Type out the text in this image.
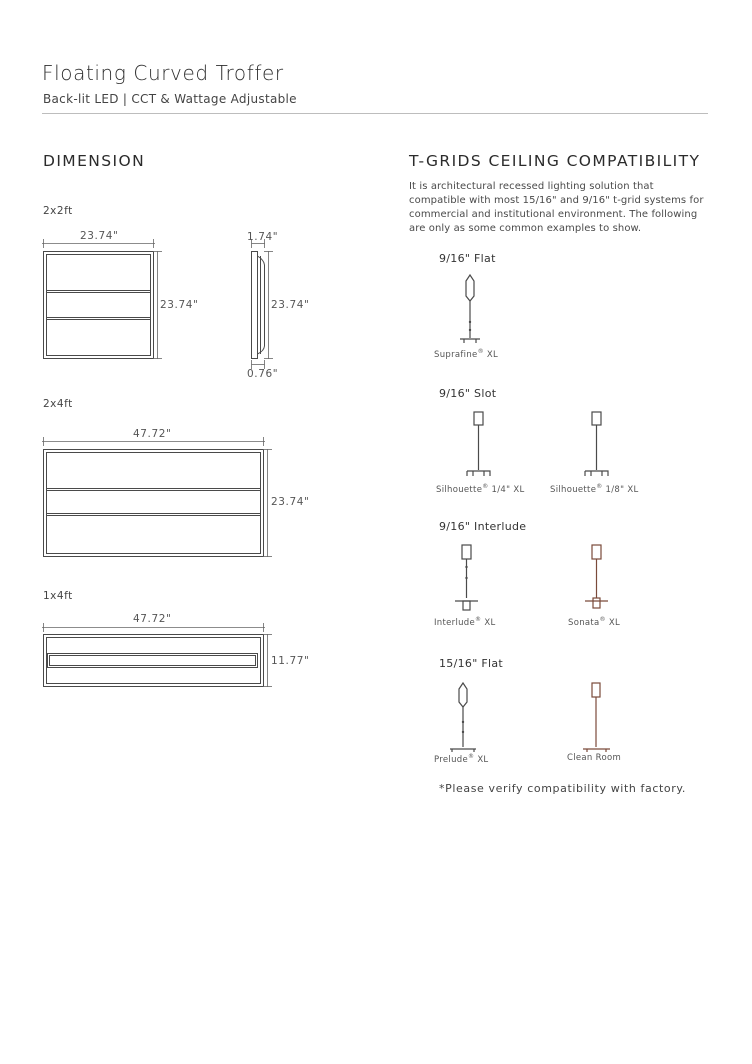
Floating Curved Troffer
Back-lit LED | CCT & Wattage Adjustable
DIMENSION	T-GRIDS CEILING COMPATIBILITY
It is architectural recessed lighting solution that compatible with most 15/16" and 9/16" t-grid systems for commercial and institutional environment. The following are only as some common examples to show.
2x2ft
23.74"
23.74"
1.74"
23.74"
0.76"
2x4ft
47.72"
23.74"
1x4ft
47.72"
11.77"
9/16" Flat
9/16" Slot
9/16" Interlude
15/16" Flat
Suprafine® XL
Silhouette® 1/4" XL	Silhouette® 1/8" XL
Interlude® XL	Sonata® XL
Prelude® XL	Clean Room
*Please verify compatibility with factory.
